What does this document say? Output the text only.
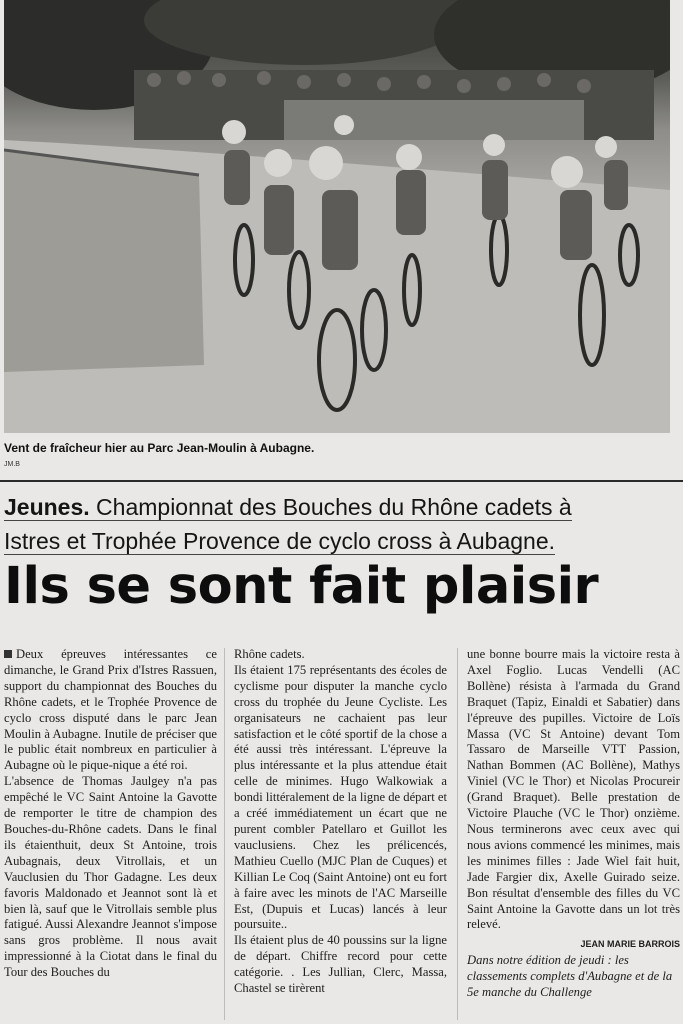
Vent de fraîcheur hier au Parc Jean-Moulin à Aubagne.
JM.B
Jeunes. Championnat des Bouches du Rhône cadets à
Istres et Trophée Provence de cyclo cross à Aubagne.
Ils se sont fait plaisir

Deux épreuves intéressantes ce dimanche, le Grand Prix d'Istres Rassuen, support du championnat des Bouches du Rhône cadets, et le Trophée Provence de cyclo cross disputé dans le parc Jean Moulin à Aubagne. Inutile de préciser que le public était nombreux en particulier à Aubagne où le pique-nique a été roi.

L'absence de Thomas Jaulgey n'a pas empêché le VC Saint Antoine la Gavotte de remporter le titre de champion des Bouches-du-Rhône cadets. Dans le final ils étaienthuit, deux St Antoine, trois Aubagnais, deux Vitrollais, et un Vauclusien du Thor Gadagne. Les deux favoris Maldonado et Jeannot sont là et bien là, sauf que le Vitrollais semble plus fatigué. Aussi Alexandre Jeannot s'impose sans gros problème. Il nous avait impressionné à la Ciotat dans le final du Tour des Bouches du

Rhône cadets.

Ils étaient 175 représentants des écoles de cyclisme pour disputer la manche cyclo cross du trophée du Jeune Cycliste. Les organisateurs ne cachaient pas leur satisfaction et le côté sportif de la chose a été aussi très intéressant. L'épreuve la plus intéressante et la plus attendue était celle de minimes. Hugo Walkowiak a bondi littéralement de la ligne de départ et a créé immédiatement un écart que ne purent combler Patellaro et Guillot les vauclusiens. Chez les prélicencés, Mathieu Cuello (MJC Plan de Cuques) et Killian Le Coq (Saint Antoine) ont eu fort à faire avec les minots de l'AC Marseille Est, (Dupuis et Lucas) lancés à leur poursuite..

Ils étaient plus de 40 poussins sur la ligne de départ. Chiffre record pour cette catégorie. . Les Jullian, Clerc, Massa, Chastel se tirèrent

une bonne bourre mais la victoire resta à Axel Foglio. Lucas Vendelli (AC Bollène) résista à l'armada du Grand Braquet (Tapiz, Einaldi et Sabatier) dans l'épreuve des pupilles. Victoire de Loïs Massa (VC St Antoine) devant Tom Tassaro de Marseille VTT Passion, Nathan Bommen (AC Bollène), Mathys Viniel (VC le Thor) et Nicolas Procureir (Grand Braquet). Belle prestation de Victoire Plauche (VC le Thor) onzième. Nous terminerons avec ceux avec qui nous avions commencé les minimes, mais les minimes filles : Jade Wiel fait huit, Jade Fargier dix, Axelle Guirado seize. Bon résultat d'ensemble des filles du VC Saint Antoine la Gavotte dans un lot très relevé.

JEAN MARIE BARROIS

Dans notre édition de jeudi : les classements complets d'Aubagne et de la 5e manche du Challenge
